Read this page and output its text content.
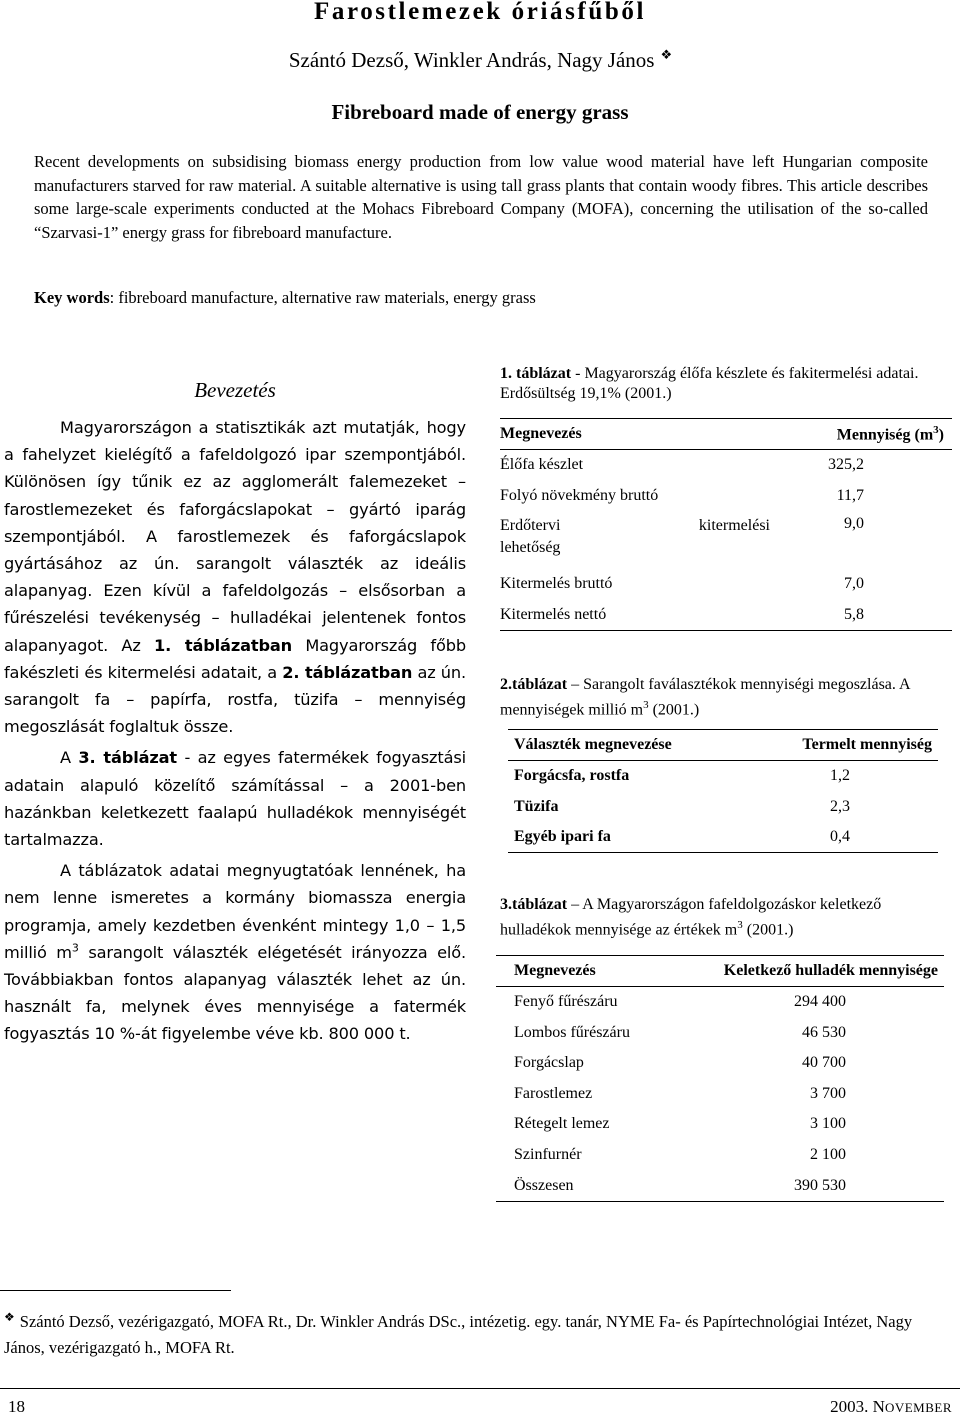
Farostlemezek óriásfűből
Szántó Dezső, Winkler András, Nagy János ❖
Fibreboard made of energy grass

Recent developments on subsidising biomass energy production from low value wood material have left Hungarian composite manufacturers starved for raw material. A suitable alternative is using tall grass plants that contain woody fibres. This article describes some large-scale experiments conducted at the Mohacs Fibreboard Company (MOFA), concerning the utilisation of the so-called “Szarvasi-1” energy grass for fibreboard manufacture.

Key words: fibreboard manufacture, alternative raw materials, energy grass

Bevezetés

Magyarországon a statisztikák azt mutatják, hogy a fahelyzet kielégítő a fafeldolgozó ipar szempontjából. Különösen így tűnik ez az agglomerált falemezeket – farostlemezeket és faforgácslapokat – gyártó iparág szempontjából. A farostlemezek és faforgácslapok gyártásához az ún. sarangolt választék az ideális alapanyag. Ezen kívül a fafeldolgozás – elsősorban a fűrészelési tevékenység – hulladékai jelentenek fontos alapanyagot. Az 1. táblázatban Magyarország főbb fakészleti és kitermelési adatait, a 2. táblázatban az ún. sarangolt fa – papírfa, rostfa, tüzifa – mennyiség megoszlását foglaltuk össze.
A 3. táblázat - az egyes fatermékek fogyasztási adatain alapuló közelítő számítással – a 2001-ben hazánkban keletkezett faalapú hulladékok mennyiségét tartalmazza.
A táblázatok adatai megnyugtatóak lennének, ha nem lenne ismeretes a kormány biomassza energia programja, amely kezdetben évenként mintegy 1,0 – 1,5 millió $m^3$ sarangolt választék elégetését irányozza elő. Továbbiakban fontos alapanyag választék lehet az ún. használt fa, melynek éves mennyisége a fatermék fogyasztás 10 %-át figyelembe véve kb. 800 000 t.

1. táblázat - Magyarország élőfa készlete és fakitermelési adatai. Erdősültség 19,1% (2001.)

Megnevezés	Mennyiség $(m^3)$
Élőfa készlet	325,2
Folyó növekmény bruttó	11,7
Erdőtervi kitermelési lehetőség	9,0
Kitermelés bruttó	7,0
Kitermelés nettó	5,8

2.táblázat – Sarangolt faválasztékok mennyiségi megoszlása. A mennyiségek millió $m^3$ (2001.)

Választék megnevezése	Termelt mennyiség
Forgácsfa, rostfa	1,2
Tüzifa	2,3
Egyéb ipari fa	0,4

3.táblázat – A Magyarországon fafeldolgozáskor keletkező hulladékok mennyisége az értékek $m^3$ (2001.)

Megnevezés	Keletkező hulladék mennyisége
Fenyő fűrészáru	294 400
Lombos fűrészáru	46 530
Forgácslap	40 700
Farostlemez	3 700
Rétegelt lemez	3 100
Szinfurnér	2 100
Összesen	390 530

❖ Szántó Dezső, vezérigazgató, MOFA Rt., Dr. Winkler András DSc., intézetig. egy. tanár, NYME Fa- és Papírtechnológiai Intézet, Nagy János, vezérigazgató h., MOFA Rt.

18	2003. NOVEMBER
